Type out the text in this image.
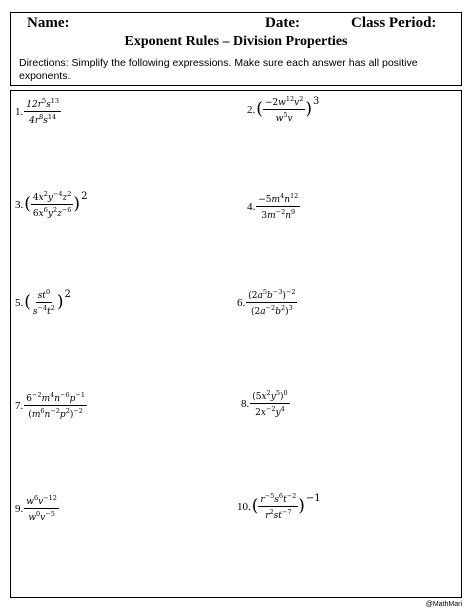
Name:	Date:	Class Period:
Exponent Rules – Division Properties
Directions: Simplify the following expressions. Make sure each answer has all positive exponents.
1. $\frac{12r^5s^{13}}{4r^8s^{14}}$	2. ( $\frac{-2w^{12}v^2}{w^5v}$ ) 3
3. ( $\frac{4x^2y^{-4}z^2}{6x^6y^2z^{-6}}$ ) 2
4. $\frac{-5m^4n^{12}}{3m^{-2}n^9}$
5. ( $\frac{st^0}{s^{-4}t^2}$ ) 2
6. $\frac{(2a^5b^{-3})^{-2}}{(2a^{-2}b^2)^3}$
7. $\frac{6^{-2}m^4n^{-6}p^{-1}}{(m^6n^{-2}p^2)^{-2}}$	8. $\frac{(5x^2y^5)^0}{2x^{-2}y^4}$
9. $\frac{w^6v^{-12}}{w^0v^{-5}}$	10. ( $\frac{r^{-5}s^6t^{-2}}{r^2st^{-7}}$ ) −1
@MathMari
